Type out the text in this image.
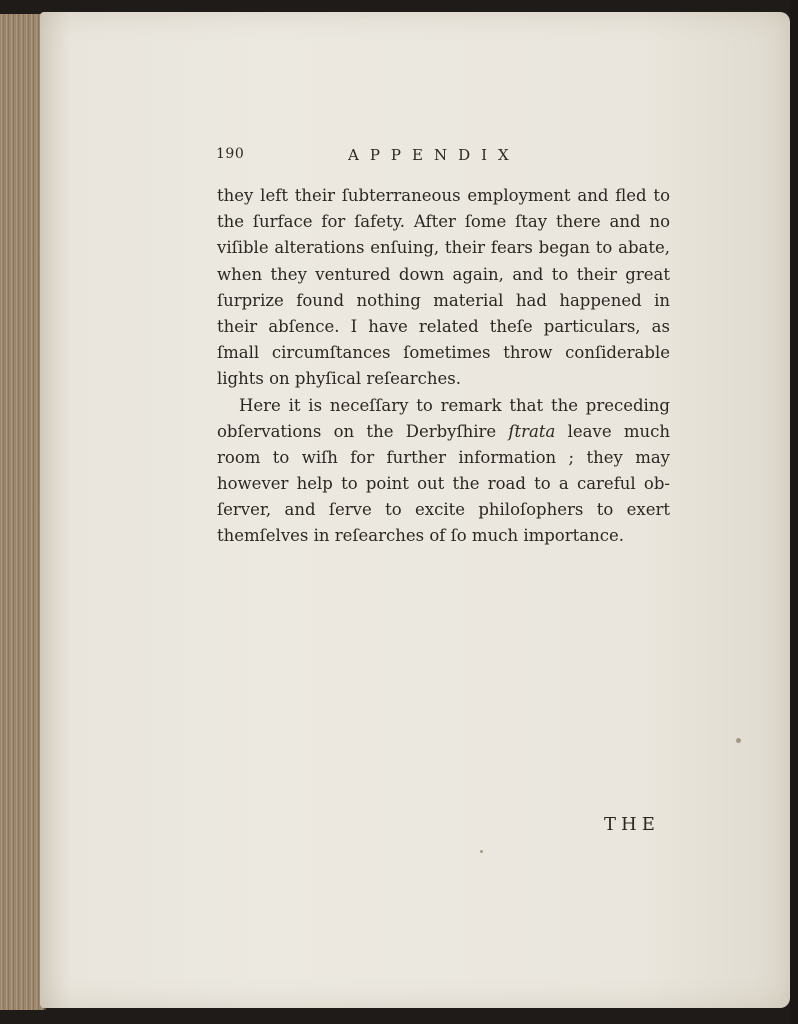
190	APPENDIX
they left their ſubterraneous employment and fled to
the ſurface for ſafety. After ſome ſtay there and no
viſible alterations enſuing, their fears began to abate,
when they ventured down again, and to their great
ſurprize found nothing material had happened in
their abſence. I have related theſe particulars, as
ſmall circumſtances ſometimes throw conſiderable
lights on phyſical reſearches.
Here it is neceſſary to remark that the preceding
obſervations on the Derbyſhire ſtrata leave much
room to wiſh for further information ; they may
however help to point out the road to a careful ob-
ſerver, and ſerve to excite philoſophers to exert
themſelves in reſearches of ſo much importance.
THE
